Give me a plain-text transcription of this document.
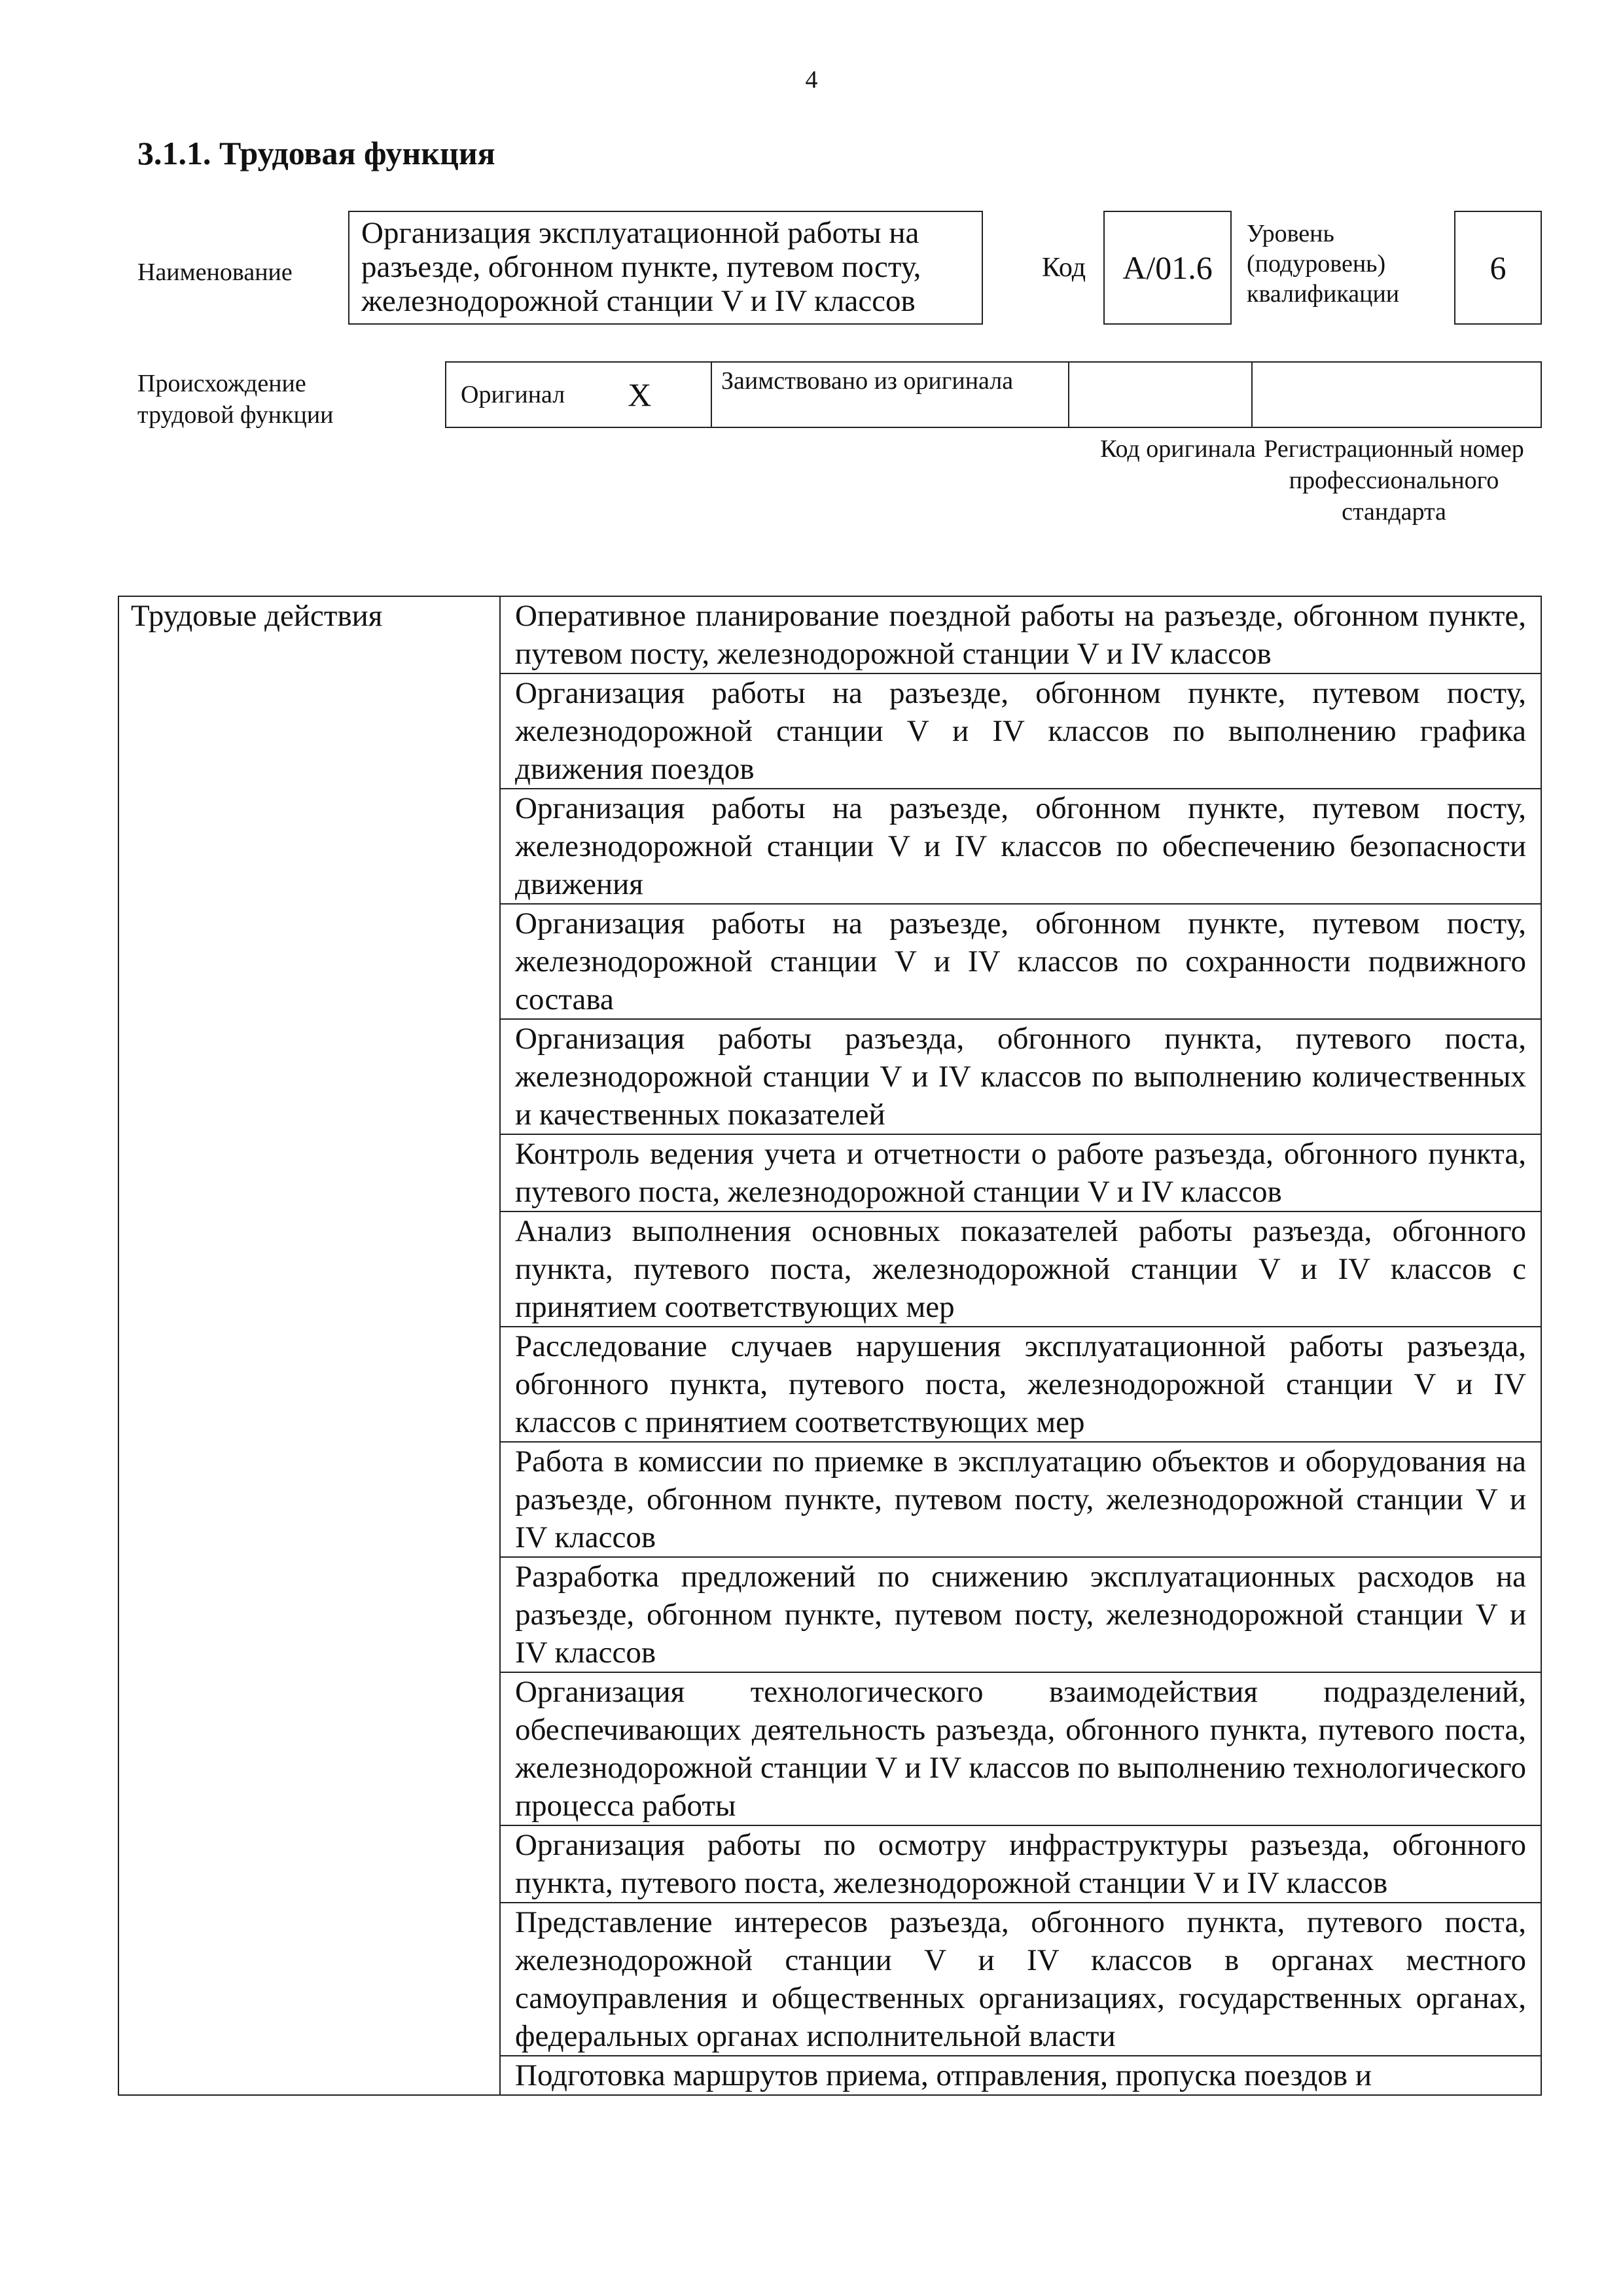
4
3.1.1. Трудовая функция
Наименование
Организация эксплуатационной работы на разъезде, обгонном пункте, путевом посту, железнодорожной станции V и IV классов
Код	A/01.6
Уровень (подуровень) квалификации
6
Происхождение трудовой функции
Оригинал X	Заимствовано из оригинала
Код оригинала Регистрационный номер профессионального стандарта
Трудовые действия	Оперативное планирование поездной работы на разъезде, обгонном пункте, путевом посту, железнодорожной станции V и IV классов
Организация работы на разъезде, обгонном пункте, путевом посту, железнодорожной станции V и IV классов по выполнению графика движения поездов
Организация работы на разъезде, обгонном пункте, путевом посту, железнодорожной станции V и IV классов по обеспечению безопасности движения
Организация работы на разъезде, обгонном пункте, путевом посту, железнодорожной станции V и IV классов по сохранности подвижного состава
Организация работы разъезда, обгонного пункта, путевого поста, железнодорожной станции V и IV классов по выполнению количественных и качественных показателей
Контроль ведения учета и отчетности о работе разъезда, обгонного пункта, путевого поста, железнодорожной станции V и IV классов
Анализ выполнения основных показателей работы разъезда, обгонного пункта, путевого поста, железнодорожной станции V и IV классов с принятием соответствующих мер
Расследование случаев нарушения эксплуатационной работы разъезда, обгонного пункта, путевого поста, железнодорожной станции V и IV классов с принятием соответствующих мер
Работа в комиссии по приемке в эксплуатацию объектов и оборудования на разъезде, обгонном пункте, путевом посту, железнодорожной станции V и IV классов
Разработка предложений по снижению эксплуатационных расходов на разъезде, обгонном пункте, путевом посту, железнодорожной станции V и IV классов
Организация технологического взаимодействия подразделений, обеспечивающих деятельность разъезда, обгонного пункта, путевого поста, железнодорожной станции V и IV классов по выполнению технологического процесса работы
Организация работы по осмотру инфраструктуры разъезда, обгонного пункта, путевого поста, железнодорожной станции V и IV классов
Представление интересов разъезда, обгонного пункта, путевого поста, железнодорожной станции V и IV классов в органах местного самоуправления и общественных организациях, государственных органах, федеральных органах исполнительной власти
Подготовка маршрутов приема, отправления, пропуска поездов и
